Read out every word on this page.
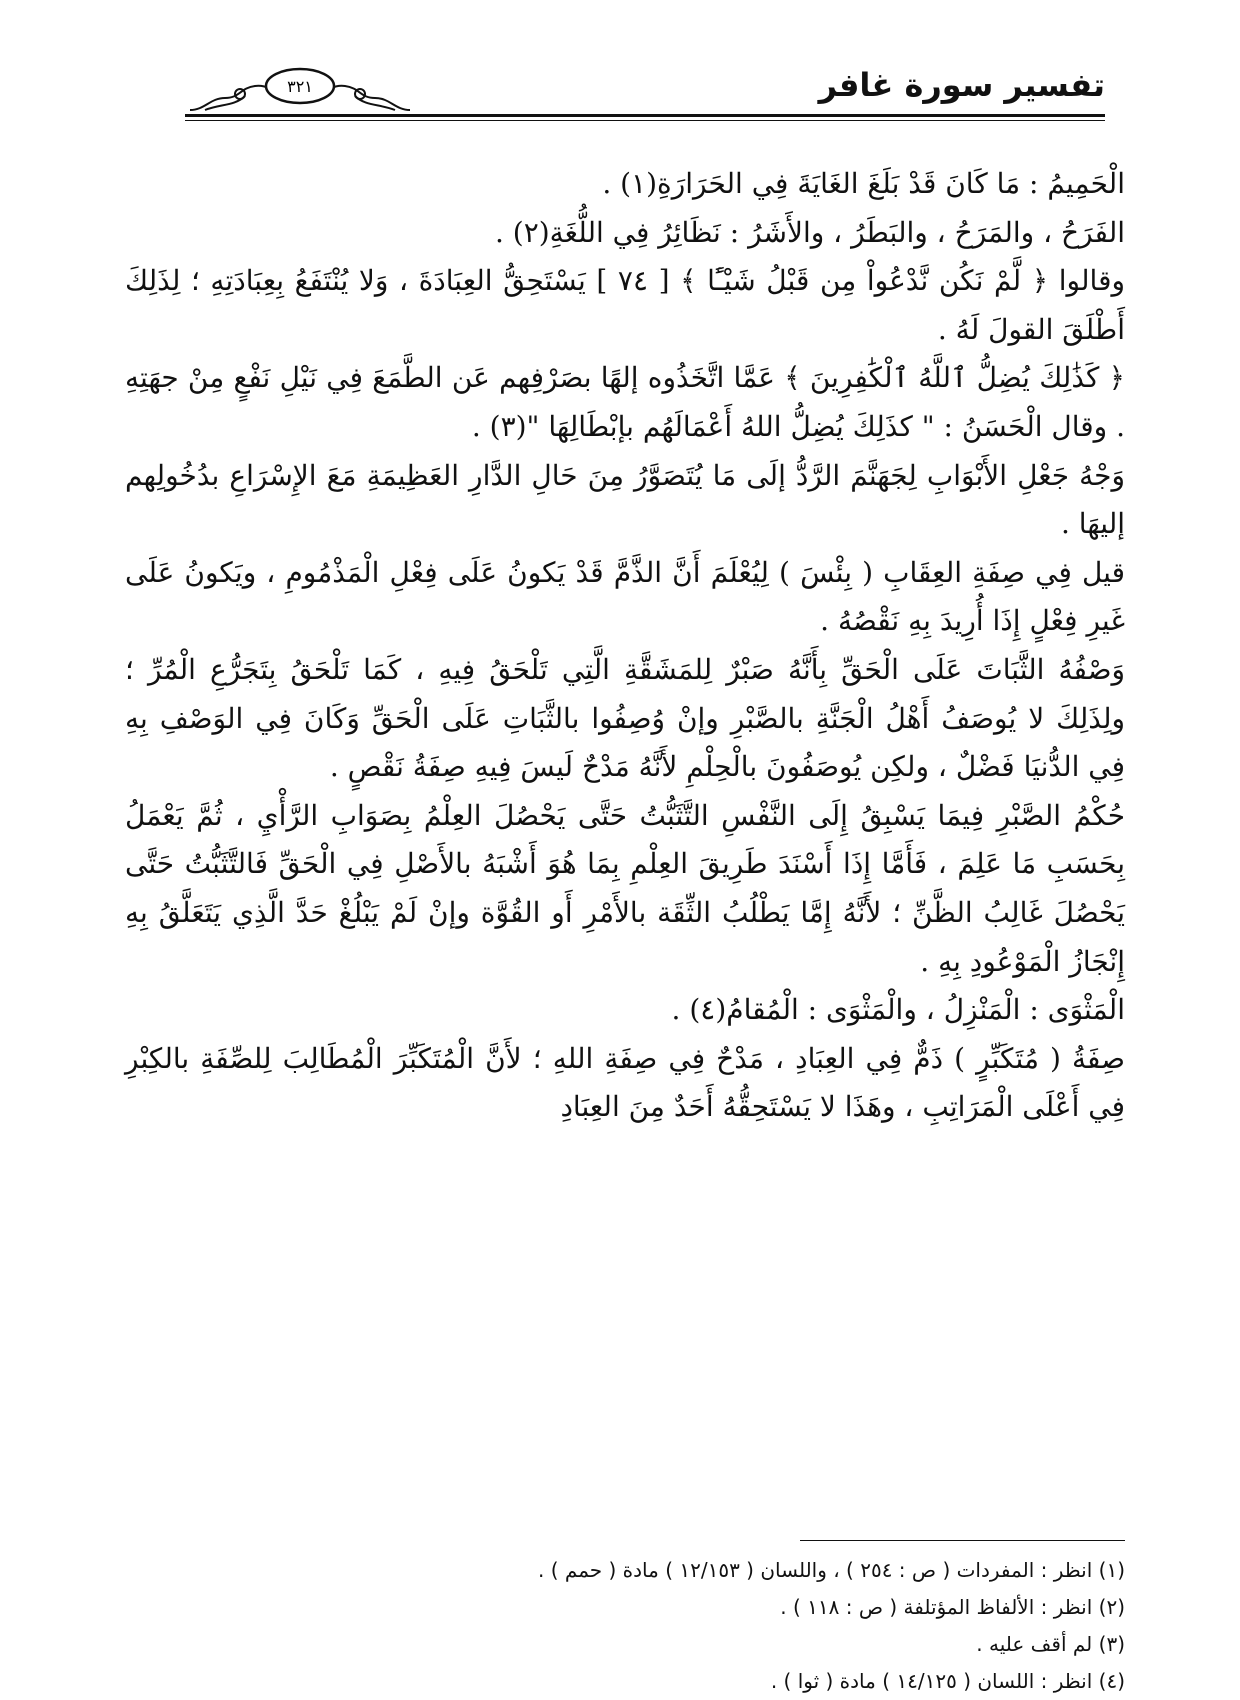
٣٢١	تفسير سورة غافر

الْحَمِيمُ : مَا كَانَ قَدْ بَلَغَ الغَايَةَ فِي الحَرَارَةِ(١) .

الفَرَحُ ، والمَرَحُ ، والبَطَرُ ، والأَشَرُ : نَظَائِرُ فِي اللُّغَةِ(٢) .

وقالوا ﴿ لَّمْ نَكُن نَّدْعُواْ مِن قَبْلُ شَيْـًٔا ﴾ [ ٧٤ ] يَسْتَحِقُّ العِبَادَةَ ، وَلا يُنْتَفَعُ بِعِبَادَتِهِ ؛ لِذَلِكَ أَطْلَقَ القولَ لَهُ .

﴿ كَذَٰلِكَ يُضِلُّ ٱللَّهُ ٱلْكَٰفِرِينَ ﴾ عَمَّا اتَّخَذُوه إلهًا بصَرْفِهم عَن الطَّمَعَ فِي نَيْلِ نَفْعٍ مِنْ جهَتِهِ . وقال الْحَسَنُ : " كذَلِكَ يُضِلُّ اللهُ أَعْمَالَهُم بإبْطَالِهَا "(٣) .

وَجْهُ جَعْلِ الأَبْوَابِ لِجَهَنَّمَ الرَّدُّ إلَى مَا يُتَصَوَّرُ مِنَ حَالِ الدَّارِ العَظِيمَةِ مَعَ الإِسْرَاعِ بدُخُولِهم إليهَا .

قيل فِي صِفَةِ العِقَابِ ( بِئْسَ ) لِيُعْلَمَ أَنَّ الذَّمَّ قَدْ يَكونُ عَلَى فِعْلِ الْمَذْمُومِ ، ويَكونُ عَلَى غَيرِ فِعْلٍ إِذَا أُرِيدَ بِهِ نَقْصُهُ .

وَصْفُهُ الثَّبَاتَ عَلَى الْحَقِّ بِأَنَّهُ صَبْرٌ لِلمَشَقَّةِ الَّتِي تَلْحَقُ فِيهِ ، كَمَا تَلْحَقُ بِتَجَرُّعِ الْمُرِّ ؛ ولِذَلِكَ لا يُوصَفُ أَهْلُ الْجَنَّةِ بالصَّبْرِ وإنْ وُصِفُوا بالثَّبَاتِ عَلَى الْحَقِّ وَكَانَ فِي الوَصْفِ بِهِ فِي الدُّنيَا فَضْلٌ ، ولكِن يُوصَفُونَ بالْحِلْمِ لأَنَّهُ مَدْحٌ لَيسَ فِيهِ صِفَةُ نَقْصٍ .

حُكْمُ الصَّبْرِ فِيمَا يَسْبِقُ إِلَى النَّفْسِ التَّثَبُّتُ حَتَّى يَحْصُلَ العِلْمُ بِصَوَابِ الرَّأْيِ ، ثُمَّ يَعْمَلُ بِحَسَبِ مَا عَلِمَ ، فَأَمَّا إِذَا أَسْنَدَ طَرِيقَ العِلْمِ بِمَا هُوَ أَشْبَهُ بالأَصْلِ فِي الْحَقِّ فَالتَّثَبُّتُ حَتَّى يَحْصُلَ غَالِبُ الظَّنِّ ؛ لأَنَّهُ إِمَّا يَطْلُبُ الثِّقَة بالأَمْرِ أَو القُوَّة وإنْ لَمْ يَبْلُغْ حَدَّ الَّذِي يَتَعَلَّقُ بِهِ إِنْجَازُ الْمَوْعُودِ بِهِ .

الْمَثْوَى : الْمَنْزِلُ ، والْمَثْوَى : الْمُقامُ(٤) .

صِفَةُ ( مُتَكَبِّرٍ ) ذَمٌّ فِي العِبَادِ ، مَدْحٌ فِي صِفَةِ اللهِ ؛ لأَنَّ الْمُتَكَبِّرَ الْمُطَالِبَ لِلصِّفَةِ بالكِبْرِ فِي أَعْلَى الْمَرَاتِبِ ، وهَذَا لا يَسْتَحِقُّهُ أَحَدٌ مِنَ العِبَادِ

(١) انظر : المفردات ( ص : ٢٥٤ ) ، واللسان ( ١٢/١٥٣ ) مادة ( حمم ) .
(٢) انظر : الألفاظ المؤتلفة ( ص : ١١٨ ) .
(٣) لم أقف عليه .
(٤) انظر : اللسان ( ١٤/١٢٥ ) مادة ( ثوا ) .
